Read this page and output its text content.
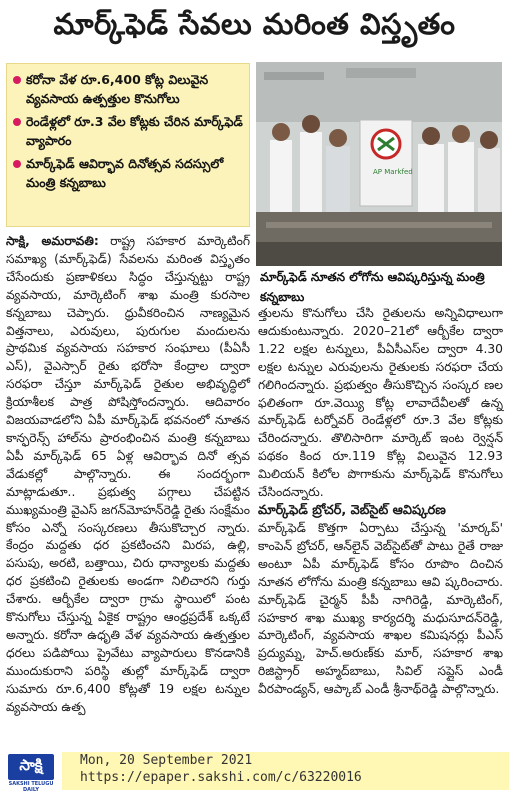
మార్క్‌ఫెడ్ సేవలు మరింత విస్తృతం
కరోనా వేళ రూ.6,400 కోట్ల విలువైన వ్యవసాయ ఉత్పత్తుల కొనుగోలు
రెండేళ్లలో రూ.3 వేల కోట్లకు చేరిన మార్క్‌ఫెడ్ వ్యాపారం
మార్క్‌ఫెడ్ ఆవిర్భావ దినోత్సవ సదస్సులో మంత్రి కన్నబాబు
AP Markfed
మార్క్‌ఫెడ్ నూతన లోగోను ఆవిష్కరిస్తున్న మంత్రి కన్నబాబు

సాక్షి, అమరావతి: రాష్ట్ర సహకార మార్కెటింగ్ సమాఖ్య (మార్క్‌ఫెడ్) సేవలను మరింత విస్తృతం చేసేందుకు ప్రణాళికలు సిద్ధం చేస్తున్నట్టు రాష్ట్ర వ్యవసాయ, మార్కెటింగ్ శాఖ మంత్రి కురసాల కన్నబాబు చెప్పారు. ధ్రువీకరించిన నాణ్యమైన విత్తనాలు, ఎరువులు, పురుగుల మందులను ప్రాథమిక వ్యవసాయ సహకార సంఘాలు (పీఏసీ ఎస్), వైఎస్సార్ రైతు భరోసా కేంద్రాల ద్వారా సరఫరా చేస్తూ మార్క్‌ఫెడ్ రైతుల అభివృద్ధిలో క్రియాశీలక పాత్ర పోషిస్తోందన్నారు. ఆదివారం విజయవాడలోని ఏపీ మార్క్‌ఫెడ్ భవనంలో నూతన కాన్ఫరెన్స్ హాల్‌ను ప్రారంభించిన మంత్రి కన్నబాబు ఏపీ మార్క్‌ఫెడ్ 65 ఏళ్ల ఆవిర్భావ దినో త్సవ వేడుకల్లో పాల్గొన్నారు. ఈ సందర్భంగా మాట్లాడుతూ.. ప్రభుత్వ పగ్గాలు చేపట్టిన ముఖ్యమంత్రి వైఎస్ జగన్‌మోహన్‌రెడ్డి రైతు సంక్షేమం కోసం ఎన్నో సంస్కరణలు తీసుకొచ్చార న్నారు. కేంద్రం మద్దతు ధర ప్రకటించని మిరప, ఉల్లి, పసుపు, అరటి, బత్తాయి, చిరు ధాన్యాలకు మద్దతు ధర ప్రకటించి రైతులకు అండగా నిలిచారని గుర్తు చేశారు. ఆర్బీకేల ద్వారా గ్రామ స్థాయిలో పంట కొనుగోలు చేస్తున్న ఏకైక రాష్ట్రం ఆంధ్రప్రదేశ్ ఒక్కటే అన్నారు. కరోనా ఉధృతి వేళ వ్యవసాయ ఉత్పత్తుల ధరలు పడిపోయి ప్రైవేటు వ్యాపారులు కొనడానికి ముందుకురాని పరిస్థి తుల్లో మార్క్‌ఫెడ్ ద్వారా సుమారు రూ.6,400 కోట్లతో 19 లక్షల టన్నుల వ్యవసాయ ఉత్ప

త్తులను కొనుగోలు చేసి రైతులను అన్నివిధాలుగా ఆదుకుంటున్నారు. 2020–21లో ఆర్బీకేల ద్వారా 1.22 లక్షల టన్నులు, పీఏసీఎస్‌ల ద్వారా 4.30 లక్షల టన్నుల ఎరువులను రైతులకు సరఫరా చేయ గలిగిందన్నారు. ప్రభుత్వం తీసుకొచ్చిన సంస్కర ణల ఫలితంగా రూ.వెయ్యి కోట్ల లావాదేవీలతో ఉన్న మార్క్‌ఫెడ్ టర్నోవర్ రెండేళ్లలో రూ.3 వేల కోట్లకు చేరిందన్నారు. తొలిసారిగా మార్కెట్ ఇంట ర్వెన్షన్ పథకం కింద రూ.119 కోట్ల విలువైన 12.93 మిలియన్ కిలోల పొగాకును మార్క్‌ఫెడ్ కొనుగోలు చేసిందన్నారు.

మార్క్‌ఫెడ్ బ్రోచర్, వెబ్‌సైట్ ఆవిష్కరణ

మార్క్‌ఫెడ్ కొత్తగా ఏర్పాటు చేస్తున్న 'మార్కప్' కాంపెన్ బ్రోచర్, ఆన్‌లైన్ వెబ్‌సైట్‌తో పాటు రైతే రాజు అంటూ ఏపీ మార్క్‌ఫెడ్ కోసం రూపొం దించిన నూతన లోగోను మంత్రి కన్నబాబు ఆవి ష్కరించారు. మార్క్‌ఫెడ్ చైర్మన్ పీపీ నాగిరెడ్డి, మార్కెటింగ్, సహకార శాఖ ముఖ్య కార్యదర్శి మధుసూదన్‌రెడ్డి, మార్కెటింగ్, వ్యవసాయ శాఖల కమిషనర్లు పీఎస్ ప్రద్యుమ్న, హెచ్.అరుణ్‌కు మార్, సహకార శాఖ రిజిస్ట్రార్ అహ్మద్‌బాబు, సివిల్ సప్లైస్ ఎండీ వీరపాండ్యన్, ఆప్కాబ్ ఎండీ శ్రీనాథ్‌రెడ్డి పాల్గొన్నారు.

సాక్షి
SAKSHI TELUGU DAILY
Mon, 20 September 2021
https://epaper.sakshi.com/c/63220016
